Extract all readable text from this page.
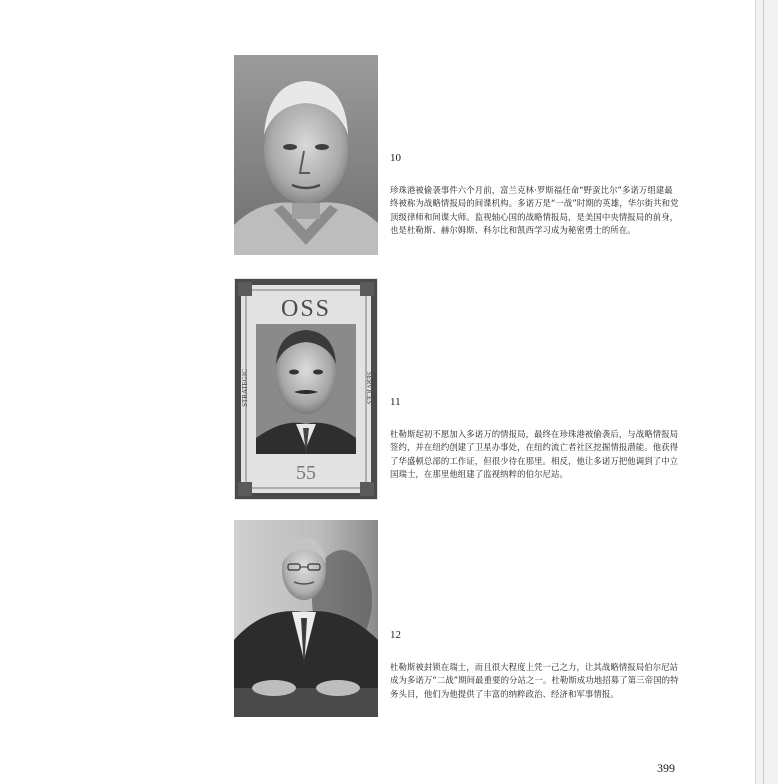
10

珍珠港被偷袭事件六个月前，富兰克林·罗斯福任命“野蛮比尔”多诺万组建最终被称为战略情报局的间谍机构。多诺万是“一战”时期的英雄，华尔街共和党顶级律师和间谍大师。监视轴心国的战略情报局，是美国中央情报局的前身，也是杜勒斯、赫尔姆斯、科尔比和凯西学习成为秘密勇士的所在。

OSS
STRATEGIC	SERVICES
55

11

杜勒斯起初不愿加入多诺万的情报局，最终在珍珠港被偷袭后，与战略情报局签约，并在纽约创建了卫星办事处，在纽约流亡者社区挖掘情报潜能。他获得了华盛顿总部的工作证，但很少待在那里。相反，他让多诺万把他调到了中立国瑞士，在那里他组建了监视纳粹的伯尔尼站。

12

杜勒斯被封锁在瑞士，而且很大程度上凭一己之力，让其战略情报局伯尔尼站成为多诺万“二战”期间最重要的分站之一。杜勒斯成功地招募了第三帝国的特务头目，他们为他提供了丰富的纳粹政治、经济和军事情报。

399
